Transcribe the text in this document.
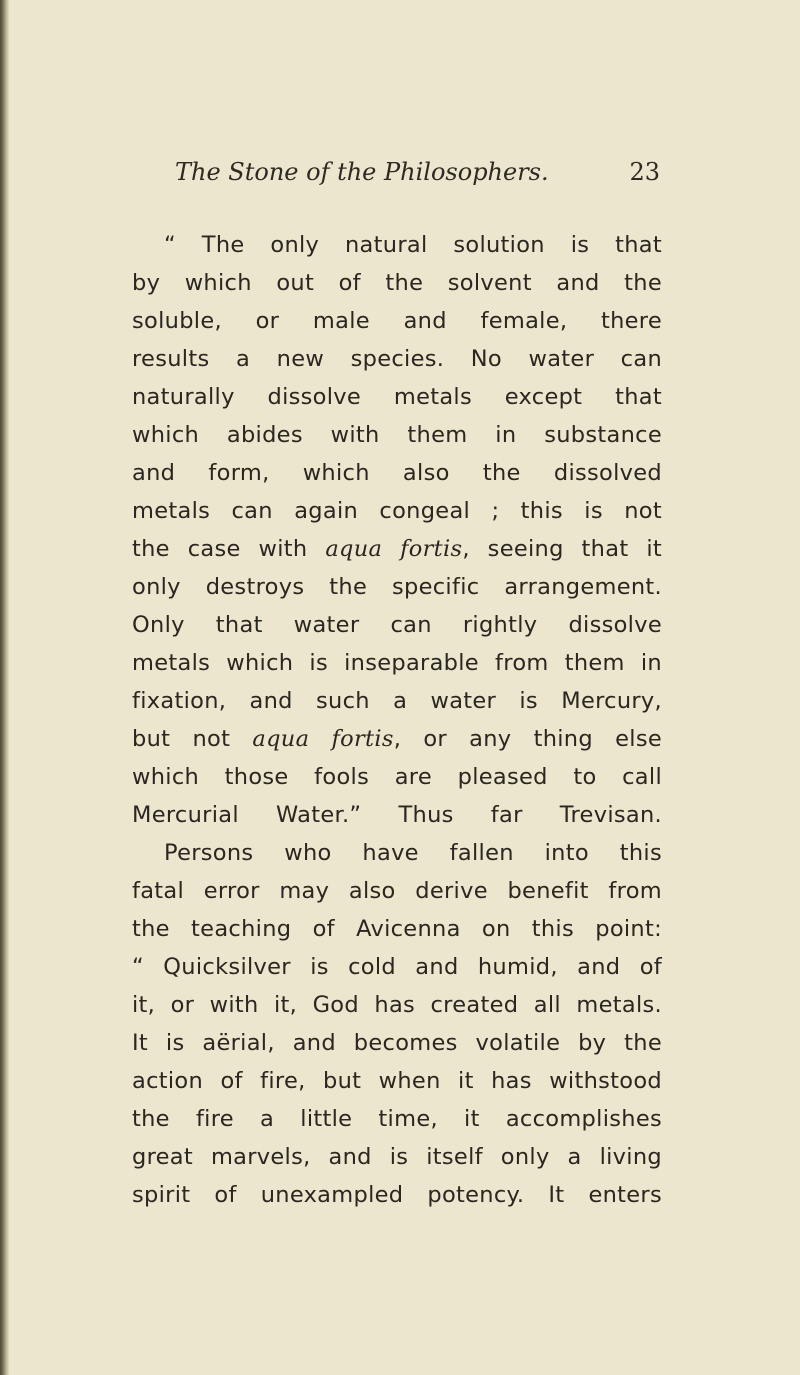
The Stone of the Philosophers.	23
“ The only natural solution is that
by which out of the solvent and the
soluble, or male and female, there
results a new species. No water can
naturally dissolve metals except that
which abides with them in substance
and form, which also the dissolved
metals can again congeal ; this is not
the case with aqua fortis, seeing that it
only destroys the specific arrangement.
Only that water can rightly dissolve
metals which is inseparable from them in
fixation, and such a water is Mercury,
but not aqua fortis, or any thing else
which those fools are pleased to call
Mercurial Water.” Thus far Trevisan.
Persons who have fallen into this
fatal error may also derive benefit from
the teaching of Avicenna on this point:
“ Quicksilver is cold and humid, and of
it, or with it, God has created all metals.
It is aërial, and becomes volatile by the
action of fire, but when it has withstood
the fire a little time, it accomplishes
great marvels, and is itself only a living
spirit of unexampled potency. It enters
